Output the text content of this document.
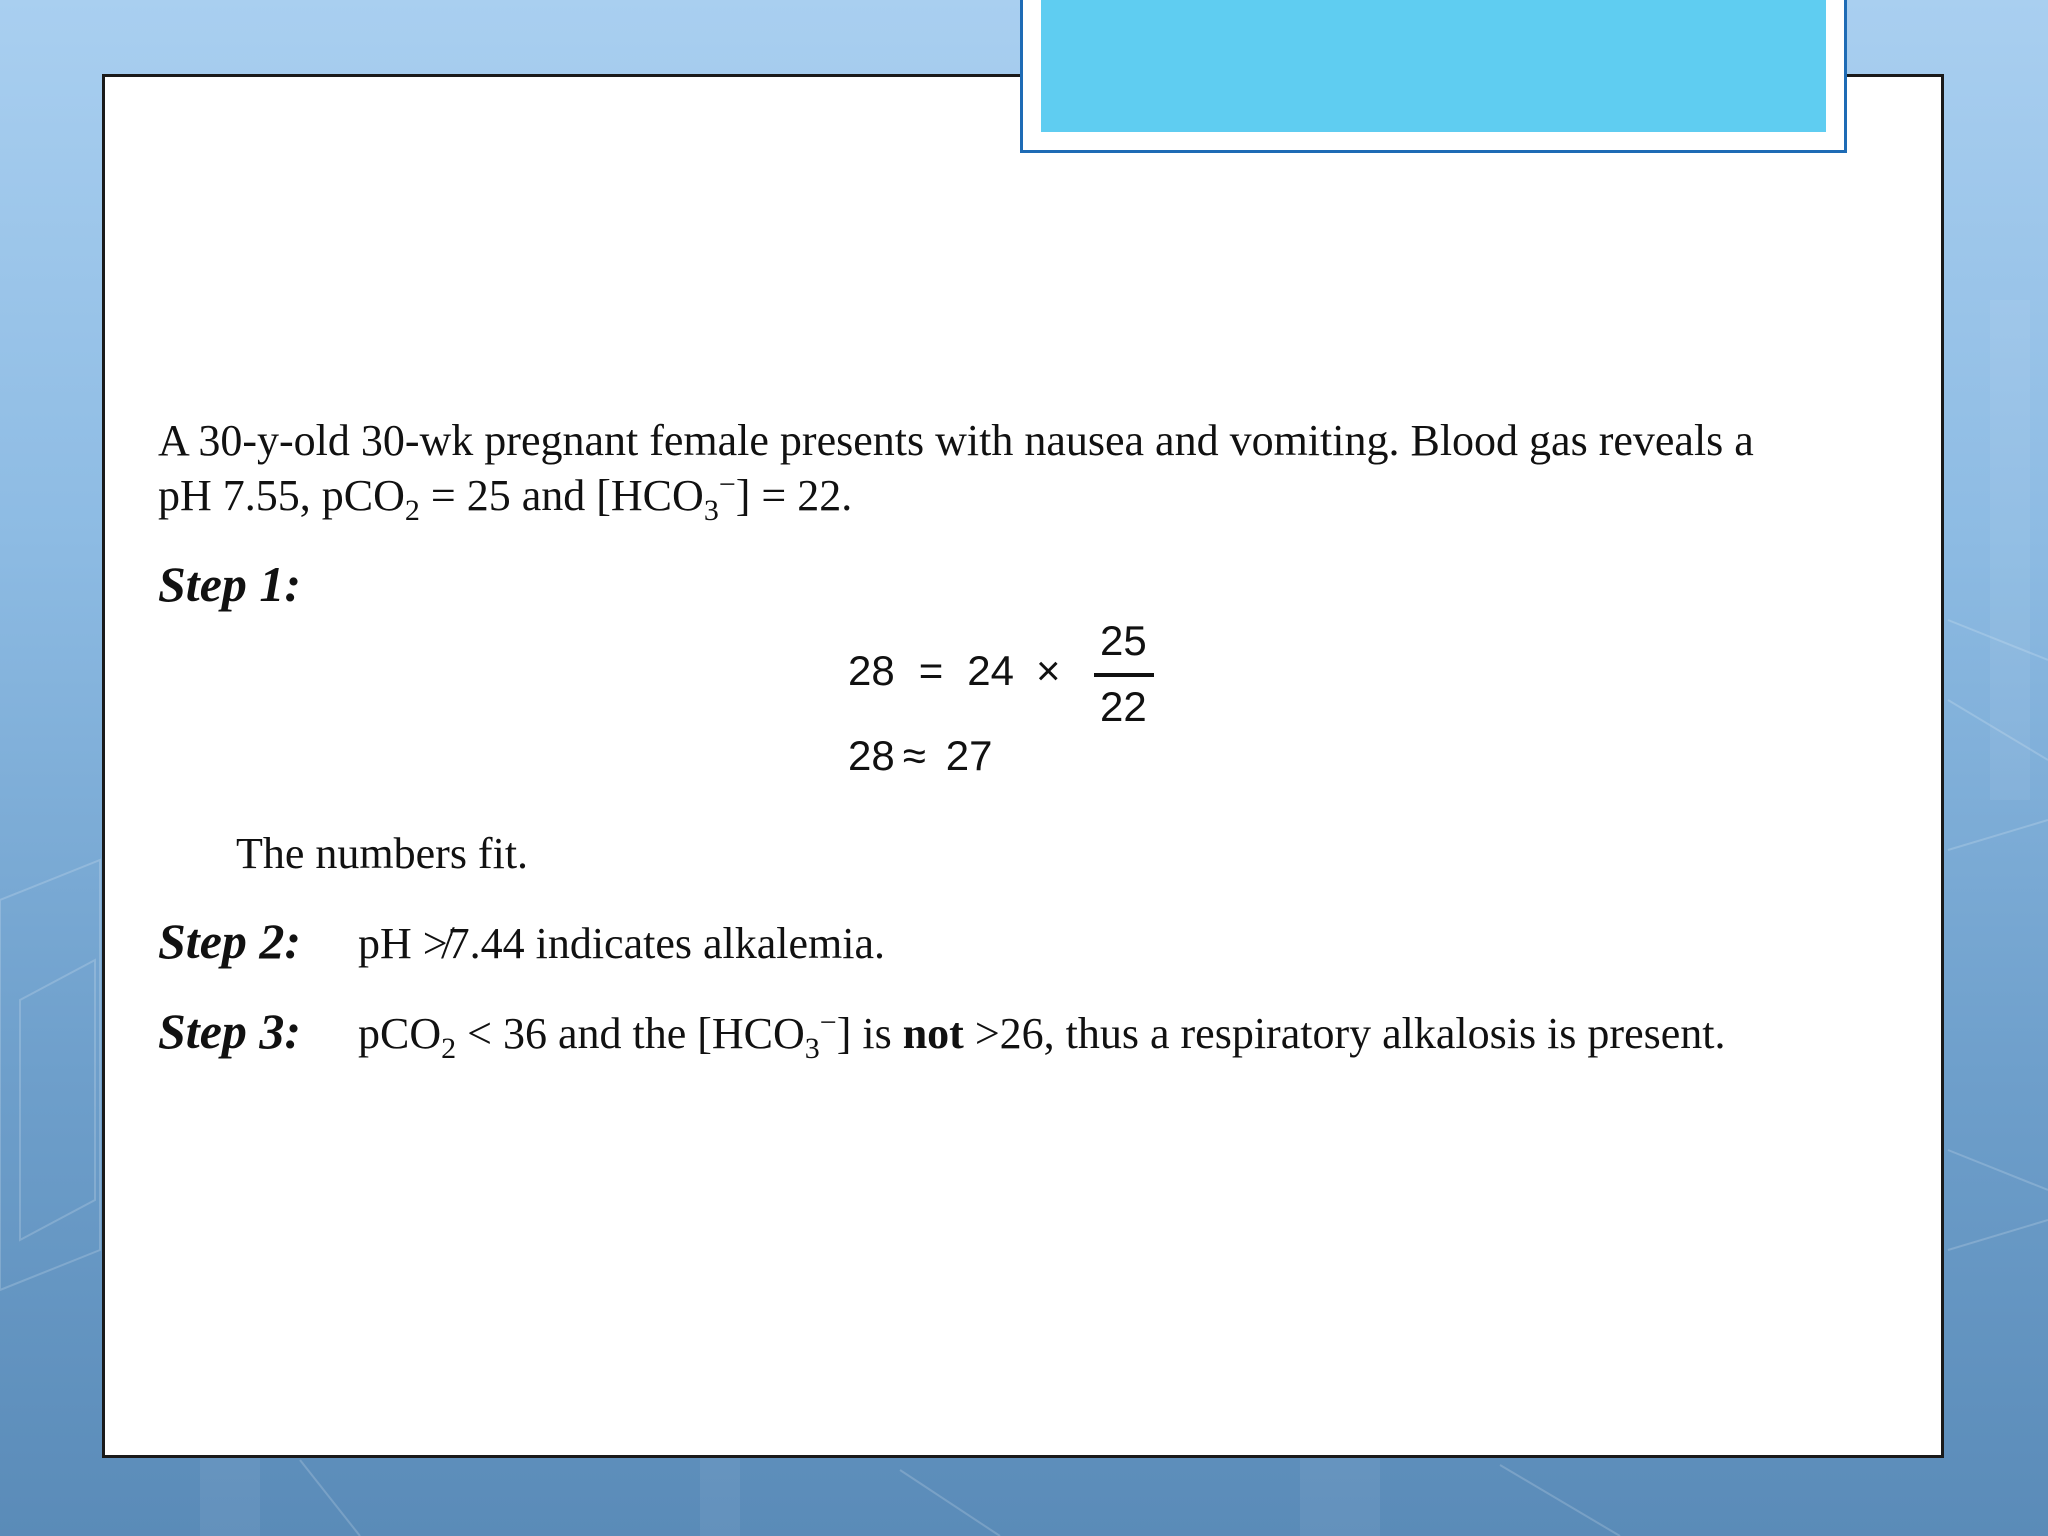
A 30-y-old 30-wk pregnant female presents with nausea and vomiting. Blood gas reveals a
pH 7.55, pCO$_2$ = 25 and $[HCO_3^-] = 22$.
Step 1:
28 = 24 ×
25
22
28 ≈ 27
The numbers fit.
Step 2: pH ≯7.44 indicates alkalemia.
Step 3: pCO$_2$ < 36 and the $[HCO_3^-]$ is not >26, thus a respiratory alkalosis is present.
